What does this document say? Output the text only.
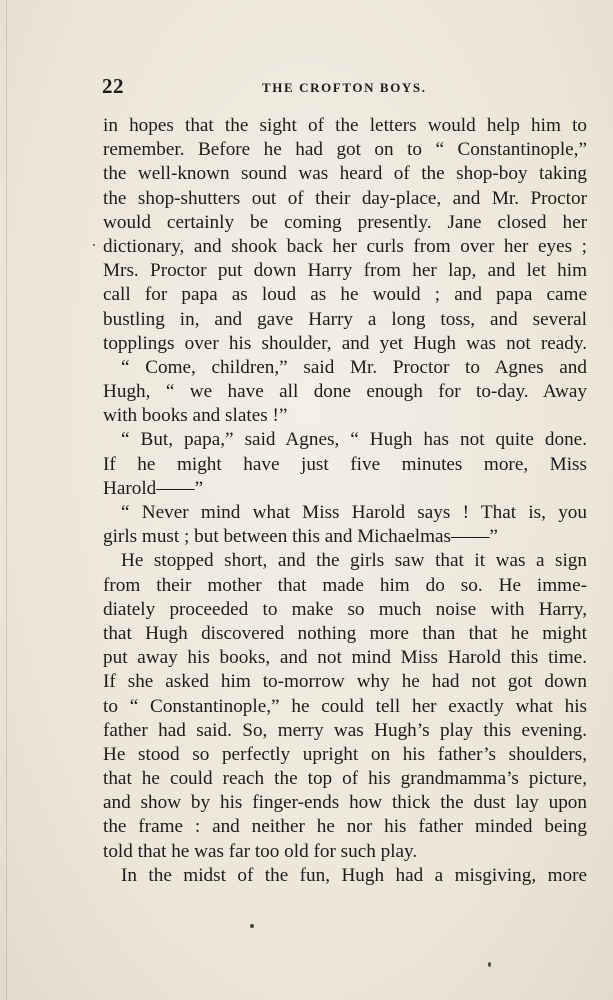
22	THE CROFTON BOYS.
in hopes that the sight of the letters would help him to
remember. Before he had got on to “ Constantinople,”
the well-known sound was heard of the shop-boy taking
the shop-shutters out of their day-place, and Mr. Proctor
would certainly be coming presently. Jane closed her
dictionary, and shook back her curls from over her eyes ;
Mrs. Proctor put down Harry from her lap, and let him
call for papa as loud as he would ; and papa came
bustling in, and gave Harry a long toss, and several
topplings over his shoulder, and yet Hugh was not ready.
“ Come, children,” said Mr. Proctor to Agnes and
Hugh, “ we have all done enough for to-day. Away
with books and slates !”
“ But, papa,” said Agnes, “ Hugh has not quite done.
If he might have just five minutes more, Miss
Harold——”
“ Never mind what Miss Harold says ! That is, you
girls must ; but between this and Michaelmas——”
He stopped short, and the girls saw that it was a sign
from their mother that made him do so. He imme-
diately proceeded to make so much noise with Harry,
that Hugh discovered nothing more than that he might
put away his books, and not mind Miss Harold this time.
If she asked him to-morrow why he had not got down
to “ Constantinople,” he could tell her exactly what his
father had said. So, merry was Hugh’s play this evening.
He stood so perfectly upright on his father’s shoulders,
that he could reach the top of his grandmamma’s picture,
and show by his finger-ends how thick the dust lay upon
the frame : and neither he nor his father minded being
told that he was far too old for such play.
In the midst of the fun, Hugh had a misgiving, more
